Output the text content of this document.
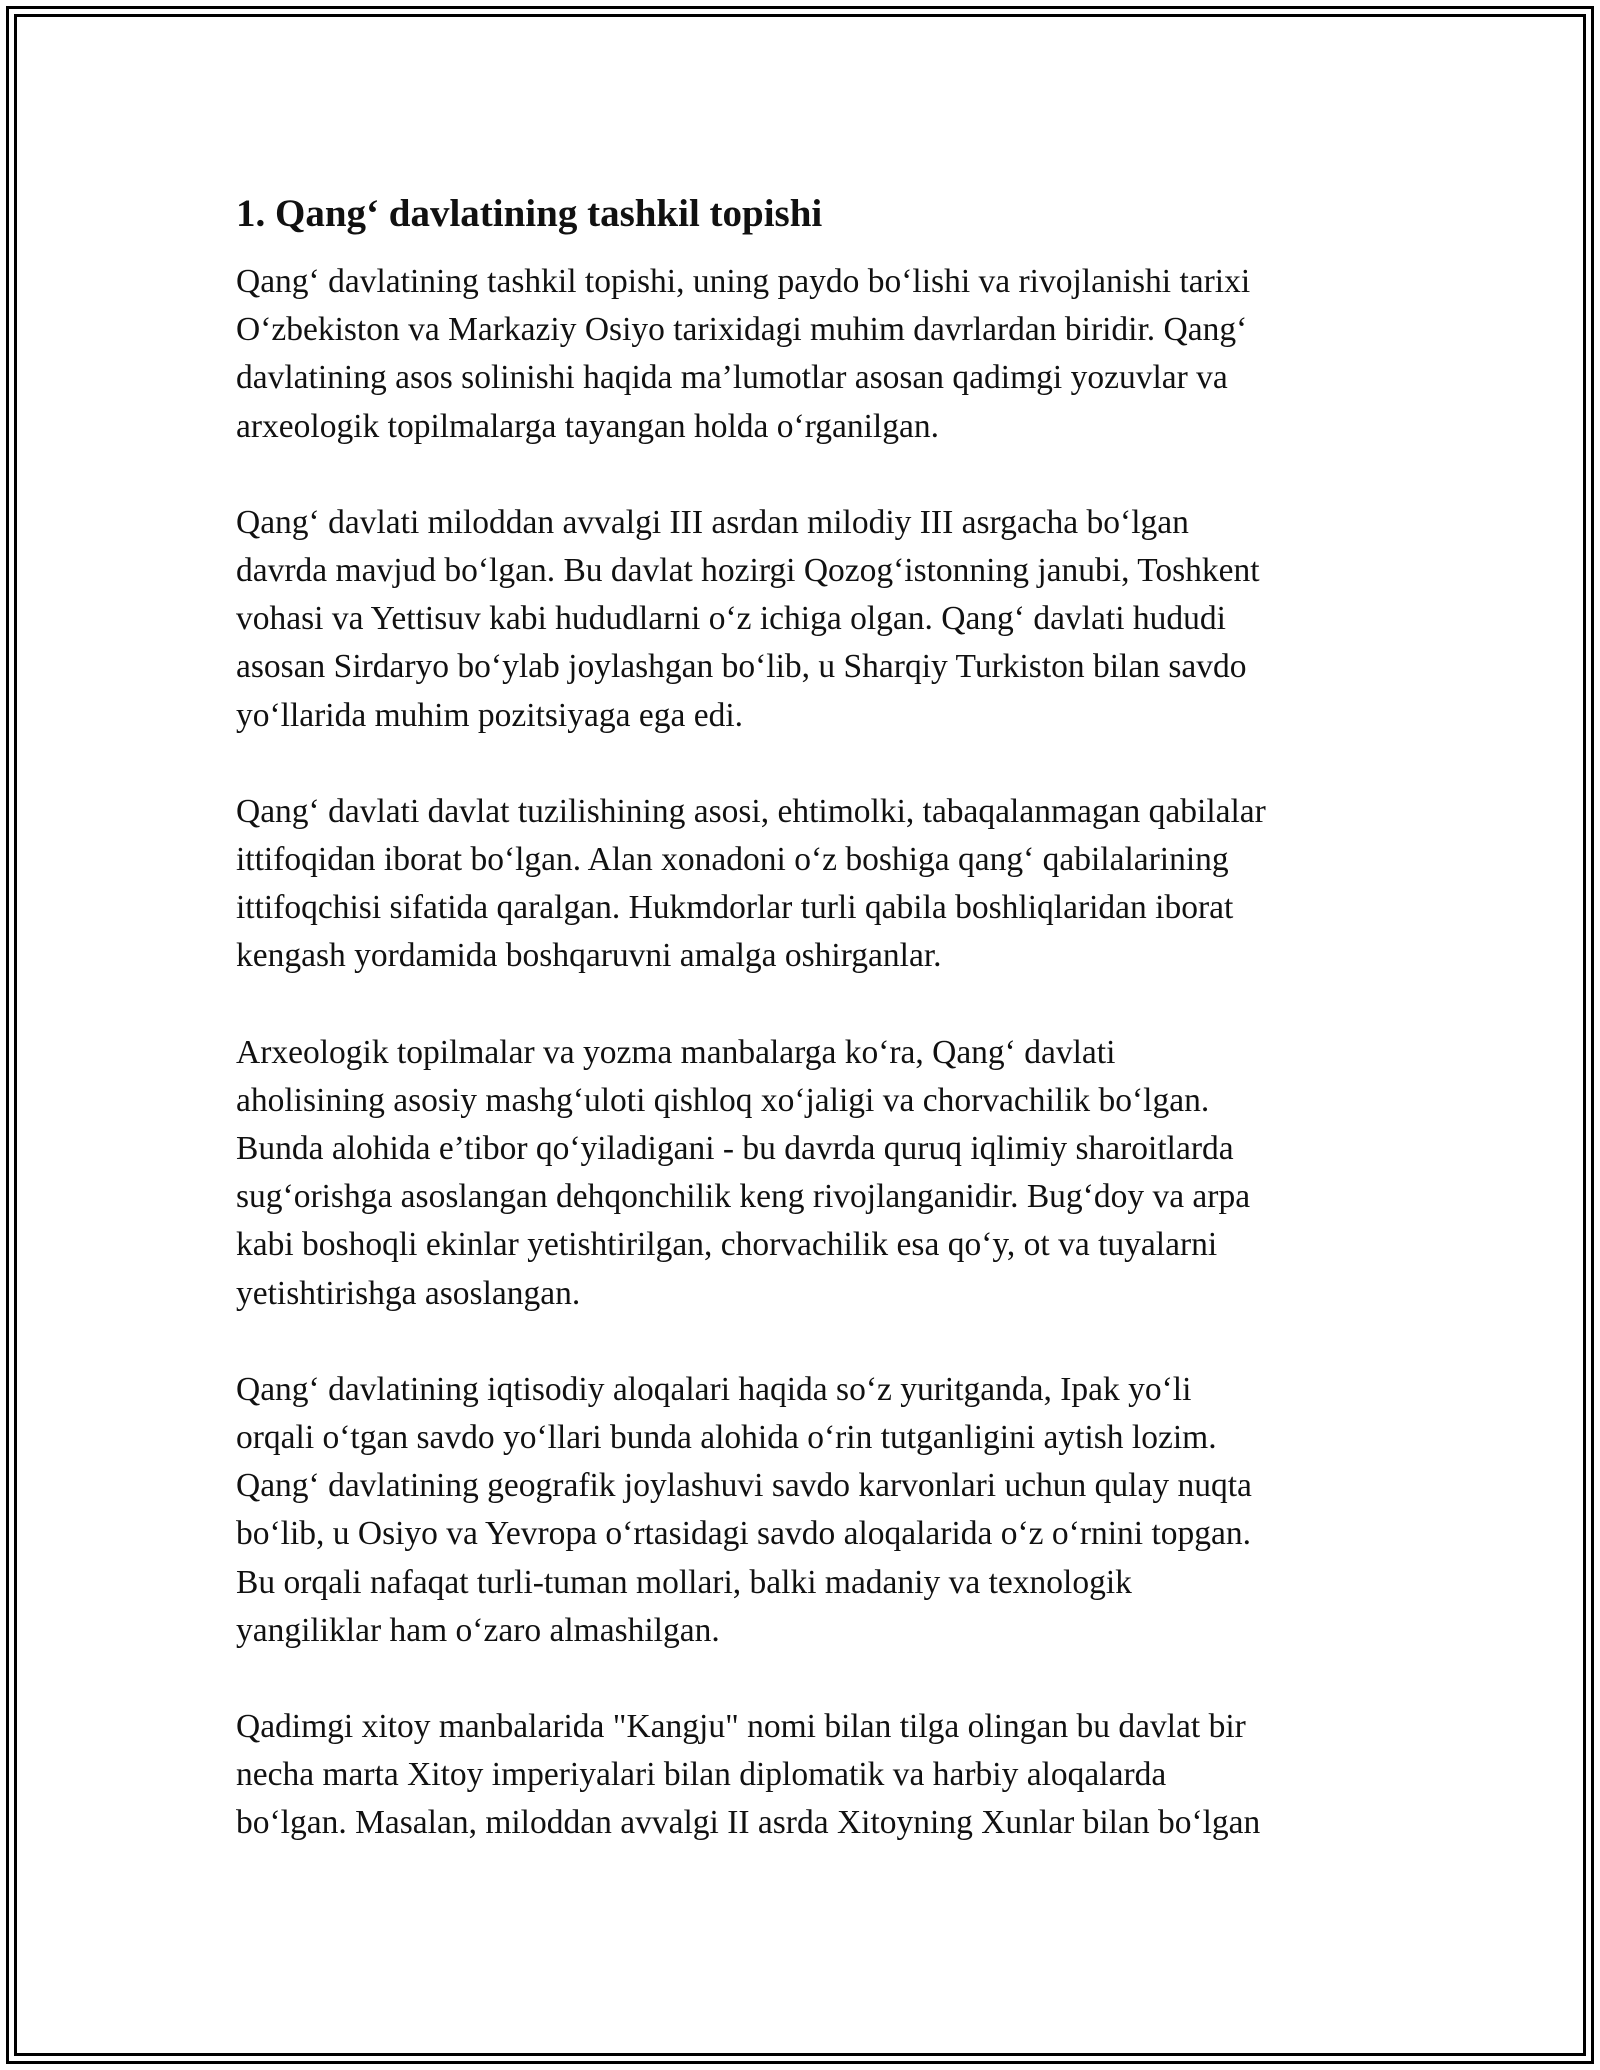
1. Qang‘ davlatining tashkil topishi
Qang‘ davlatining tashkil topishi, uning paydo bo‘lishi va rivojlanishi tarixi
O‘zbekiston va Markaziy Osiyo tarixidagi muhim davrlardan biridir. Qang‘
davlatining asos solinishi haqida ma’lumotlar asosan qadimgi yozuvlar va
arxeologik topilmalarga tayangan holda o‘rganilgan.
Qang‘ davlati miloddan avvalgi III asrdan milodiy III asrgacha bo‘lgan
davrda mavjud bo‘lgan. Bu davlat hozirgi Qozog‘istonning janubi, Toshkent
vohasi va Yettisuv kabi hududlarni o‘z ichiga olgan. Qang‘ davlati hududi
asosan Sirdaryo bo‘ylab joylashgan bo‘lib, u Sharqiy Turkiston bilan savdo
yo‘llarida muhim pozitsiyaga ega edi.
Qang‘ davlati davlat tuzilishining asosi, ehtimolki, tabaqalanmagan qabilalar
ittifoqidan iborat bo‘lgan. Alan xonadoni o‘z boshiga qang‘ qabilalarining
ittifoqchisi sifatida qaralgan. Hukmdorlar turli qabila boshliqlaridan iborat
kengash yordamida boshqaruvni amalga oshirganlar.
Arxeologik topilmalar va yozma manbalarga ko‘ra, Qang‘ davlati
aholisining asosiy mashg‘uloti qishloq xo‘jaligi va chorvachilik bo‘lgan.
Bunda alohida e’tibor qo‘yiladigani - bu davrda quruq iqlimiy sharoitlarda
sug‘orishga asoslangan dehqonchilik keng rivojlanganidir. Bug‘doy va arpa
kabi boshoqli ekinlar yetishtirilgan, chorvachilik esa qo‘y, ot va tuyalarni
yetishtirishga asoslangan.
Qang‘ davlatining iqtisodiy aloqalari haqida so‘z yuritganda, Ipak yo‘li
orqali o‘tgan savdo yo‘llari bunda alohida o‘rin tutganligini aytish lozim.
Qang‘ davlatining geografik joylashuvi savdo karvonlari uchun qulay nuqta
bo‘lib, u Osiyo va Yevropa o‘rtasidagi savdo aloqalarida o‘z o‘rnini topgan.
Bu orqali nafaqat turli-tuman mollari, balki madaniy va texnologik
yangiliklar ham o‘zaro almashilgan.
Qadimgi xitoy manbalarida "Kangju" nomi bilan tilga olingan bu davlat bir
necha marta Xitoy imperiyalari bilan diplomatik va harbiy aloqalarda
bo‘lgan. Masalan, miloddan avvalgi II asrda Xitoyning Xunlar bilan bo‘lgan
